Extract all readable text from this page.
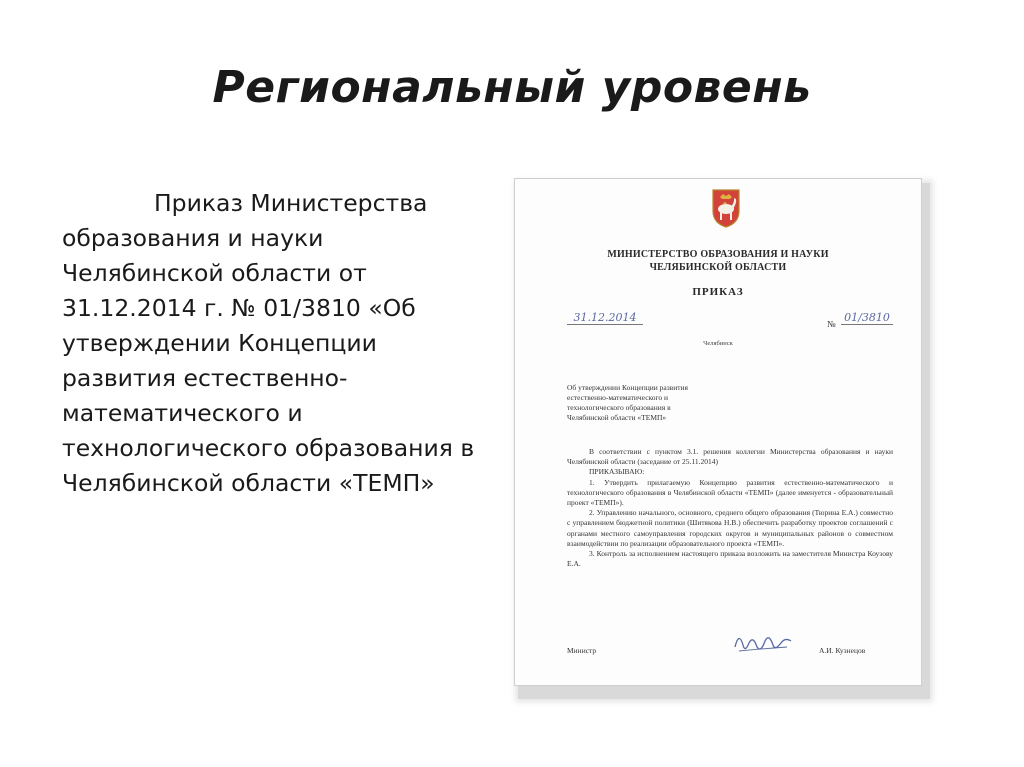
Региональный уровень

Приказ Министерства образования и науки Челябинской области от 31.12.2014 г. № 01/3810 «Об утверждении Концепции развития естественно-математического и технологического образования в Челябинской области «ТЕМП»

МИНИСТЕРСТВО ОБРАЗОВАНИЯ И НАУКИ
ЧЕЛЯБИНСКОЙ ОБЛАСТИ
ПРИКАЗ
31.12.2014	№ 01/3810
Челябинск
Об утверждении Концепции развития
естественно-математического и
технологического образования в
Челябинской области «ТЕМП»

В соответствии с пунктом 3.1. решения коллегии Министерства образования и науки Челябинской области (заседание от 25.11.2014)

ПРИКАЗЫВАЮ:

1. Утвердить прилагаемую Концепцию развития естественно-математического и технологического образования в Челябинской области «ТЕМП» (далее именуется - образовательный проект «ТЕМП»).

2. Управлению начального, основного, среднего общего образования (Тюрина Е.А.) совместно с управлением бюджетной политики (Шитякова Н.В.) обеспечить разработку проектов соглашений с органами местного самоуправления городских округов и муниципальных районов о совместном взаимодействии по реализации образовательного проекта «ТЕМП».

3. Контроль за исполнением настоящего приказа возложить на заместителя Министра Коузову Е.А.

Министр	А.И. Кузнецов
